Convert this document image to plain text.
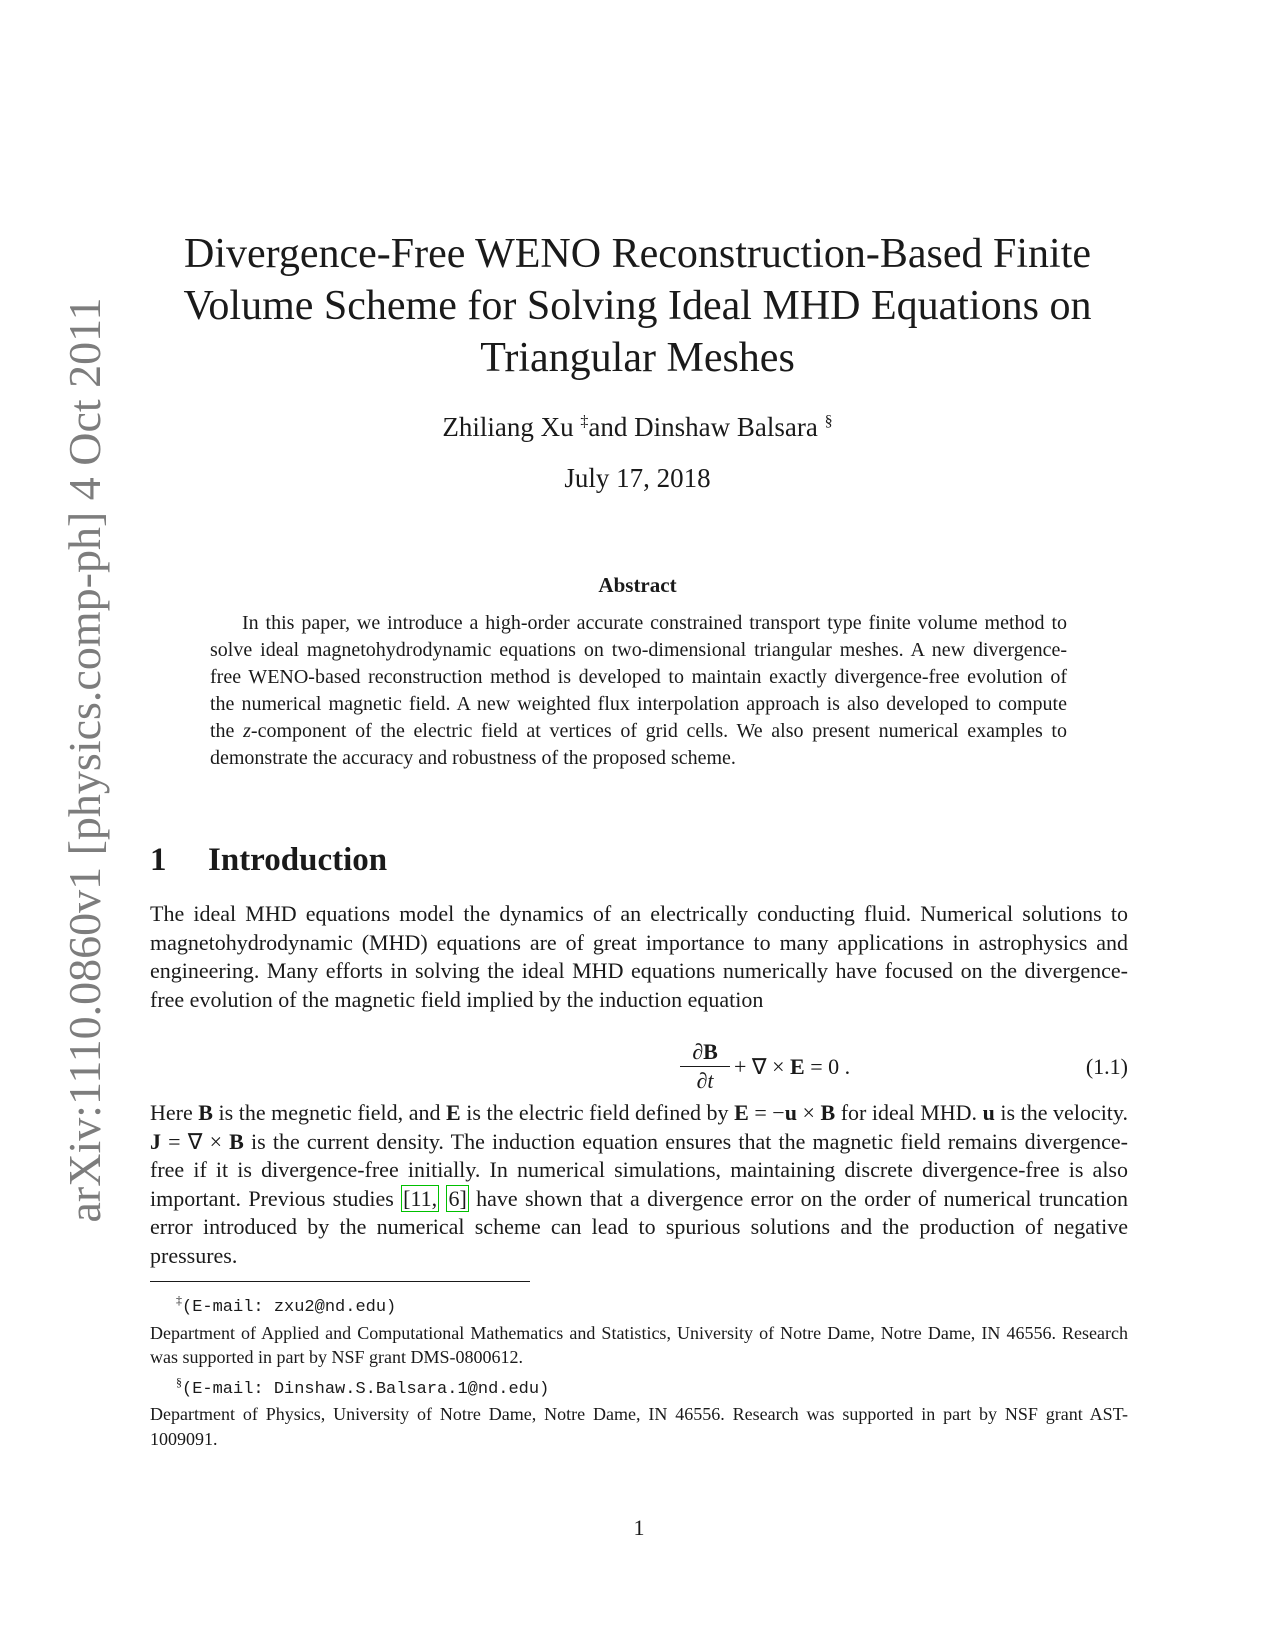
arXiv:1110.0860v1 [physics.comp-ph] 4 Oct 2011
Divergence-Free WENO Reconstruction-Based Finite
Volume Scheme for Solving Ideal MHD Equations on
Triangular Meshes
Zhiliang Xu ‡and Dinshaw Balsara §
July 17, 2018
Abstract

In this paper, we introduce a high-order accurate constrained transport type finite volume method to solve ideal magnetohydrodynamic equations on two-dimensional triangular meshes. A new divergence-free WENO-based reconstruction method is developed to maintain exactly divergence-free evolution of the numerical magnetic field. A new weighted flux interpolation approach is also developed to compute the z-component of the electric field at vertices of grid cells. We also present numerical examples to demonstrate the accuracy and robustness of the proposed scheme.

1 Introduction

The ideal MHD equations model the dynamics of an electrically conducting fluid. Numerical solutions to magnetohydrodynamic (MHD) equations are of great importance to many applications in astrophysics and engineering. Many efforts in solving the ideal MHD equations numerically have focused on the divergence-free evolution of the magnetic field implied by the induction equation

$\frac{\partial B}{\partial t}$ + ∇ × E = 0 .	(1.1)

Here B is the megnetic field, and E is the electric field defined by E = −u × B for ideal MHD. u is the velocity. J = ∇ × B is the current density. The induction equation ensures that the magnetic field remains divergence-free if it is divergence-free initially. In numerical simulations, maintaining discrete divergence-free is also important. Previous studies [11, 6] have shown that a divergence error on the order of numerical truncation error introduced by the numerical scheme can lead to spurious solutions and the production of negative pressures.

‡(E-mail: zxu2@nd.edu)

Department of Applied and Computational Mathematics and Statistics, University of Notre Dame, Notre Dame, IN 46556. Research was supported in part by NSF grant DMS-0800612.

§(E-mail: Dinshaw.S.Balsara.1@nd.edu)

Department of Physics, University of Notre Dame, Notre Dame, IN 46556. Research was supported in part by NSF grant AST-1009091.

1
